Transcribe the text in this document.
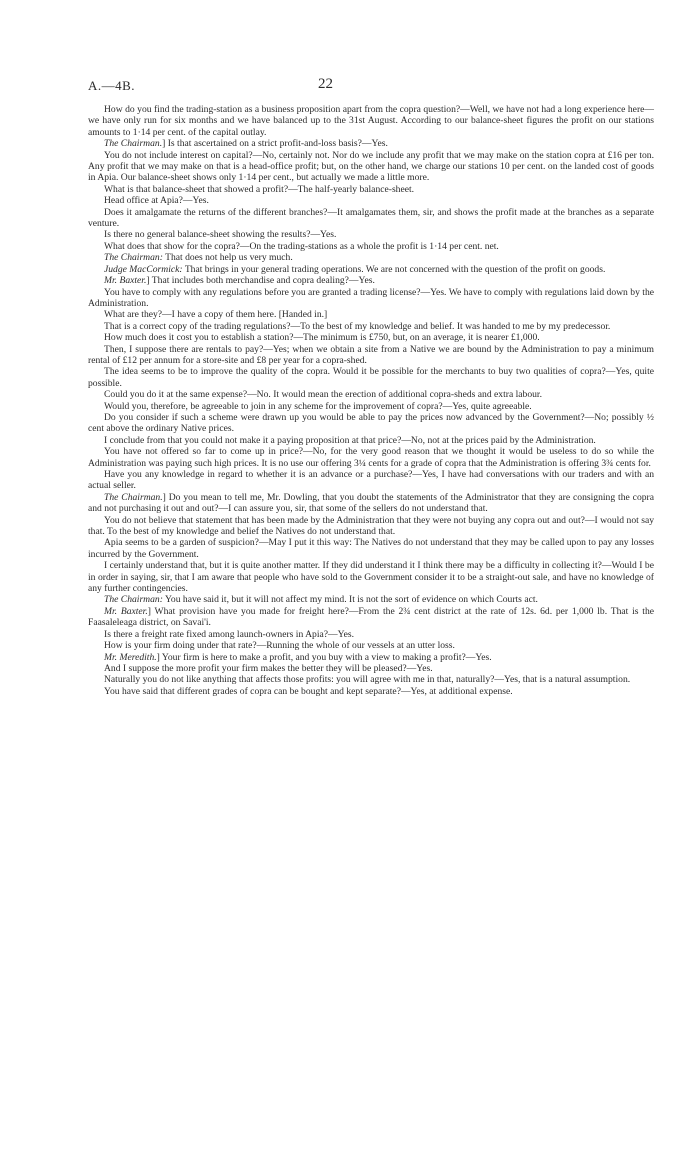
A.—4B.	22

How do you find the trading-station as a business proposition apart from the copra question?—Well, we have not had a long experience here—we have only run for six months and we have balanced up to the 31st August. According to our balance-sheet figures the profit on our stations amounts to 1·14 per cent. of the capital outlay.

The Chairman.] Is that ascertained on a strict profit-and-loss basis?—Yes.

You do not include interest on capital?—No, certainly not. Nor do we include any profit that we may make on the station copra at £16 per ton. Any profit that we may make on that is a head-office profit; but, on the other hand, we charge our stations 10 per cent. on the landed cost of goods in Apia. Our balance-sheet shows only 1·14 per cent., but actually we made a little more.

What is that balance-sheet that showed a profit?—The half-yearly balance-sheet.

Head office at Apia?—Yes.

Does it amalgamate the returns of the different branches?—It amalgamates them, sir, and shows the profit made at the branches as a separate venture.

Is there no general balance-sheet showing the results?—Yes.

What does that show for the copra?—On the trading-stations as a whole the profit is 1·14 per cent. net.

The Chairman: That does not help us very much.

Judge MacCormick: That brings in your general trading operations. We are not concerned with the question of the profit on goods.

Mr. Baxter.] That includes both merchandise and copra dealing?—Yes.

You have to comply with any regulations before you are granted a trading license?—Yes. We have to comply with regulations laid down by the Administration.

What are they?—I have a copy of them here. [Handed in.]

That is a correct copy of the trading regulations?—To the best of my knowledge and belief. It was handed to me by my predecessor.

How much does it cost you to establish a station?—The minimum is £750, but, on an average, it is nearer £1,000.

Then, I suppose there are rentals to pay?—Yes; when we obtain a site from a Native we are bound by the Administration to pay a minimum rental of £12 per annum for a store-site and £8 per year for a copra-shed.

The idea seems to be to improve the quality of the copra. Would it be possible for the merchants to buy two qualities of copra?—Yes, quite possible.

Could you do it at the same expense?—No. It would mean the erection of additional copra-sheds and extra labour.

Would you, therefore, be agreeable to join in any scheme for the improvement of copra?—Yes, quite agreeable.

Do you consider if such a scheme were drawn up you would be able to pay the prices now advanced by the Government?—No; possibly ½ cent above the ordinary Native prices.

I conclude from that you could not make it a paying proposition at that price?—No, not at the prices paid by the Administration.

You have not offered so far to come up in price?—No, for the very good reason that we thought it would be useless to do so while the Administration was paying such high prices. It is no use our offering 3¼ cents for a grade of copra that the Administration is offering 3¾ cents for.

Have you any knowledge in regard to whether it is an advance or a purchase?—Yes, I have had conversations with our traders and with an actual seller.

The Chairman.] Do you mean to tell me, Mr. Dowling, that you doubt the statements of the Administrator that they are consigning the copra and not purchasing it out and out?—I can assure you, sir, that some of the sellers do not understand that.

You do not believe that statement that has been made by the Administration that they were not buying any copra out and out?—I would not say that. To the best of my knowledge and belief the Natives do not understand that.

Apia seems to be a garden of suspicion?—May I put it this way: The Natives do not understand that they may be called upon to pay any losses incurred by the Government.

I certainly understand that, but it is quite another matter. If they did understand it I think there may be a difficulty in collecting it?—Would I be in order in saying, sir, that I am aware that people who have sold to the Government consider it to be a straight-out sale, and have no knowledge of any further contingencies.

The Chairman: You have said it, but it will not affect my mind. It is not the sort of evidence on which Courts act.

Mr. Baxter.] What provision have you made for freight here?—From the 2¾ cent district at the rate of 12s. 6d. per 1,000 lb. That is the Faasaleleaga district, on Savai'i.

Is there a freight rate fixed among launch-owners in Apia?—Yes.

How is your firm doing under that rate?—Running the whole of our vessels at an utter loss.

Mr. Meredith.] Your firm is here to make a profit, and you buy with a view to making a profit?—Yes.

And I suppose the more profit your firm makes the better they will be pleased?—Yes.

Naturally you do not like anything that affects those profits: you will agree with me in that, naturally?—Yes, that is a natural assumption.

You have said that different grades of copra can be bought and kept separate?—Yes, at additional expense.
